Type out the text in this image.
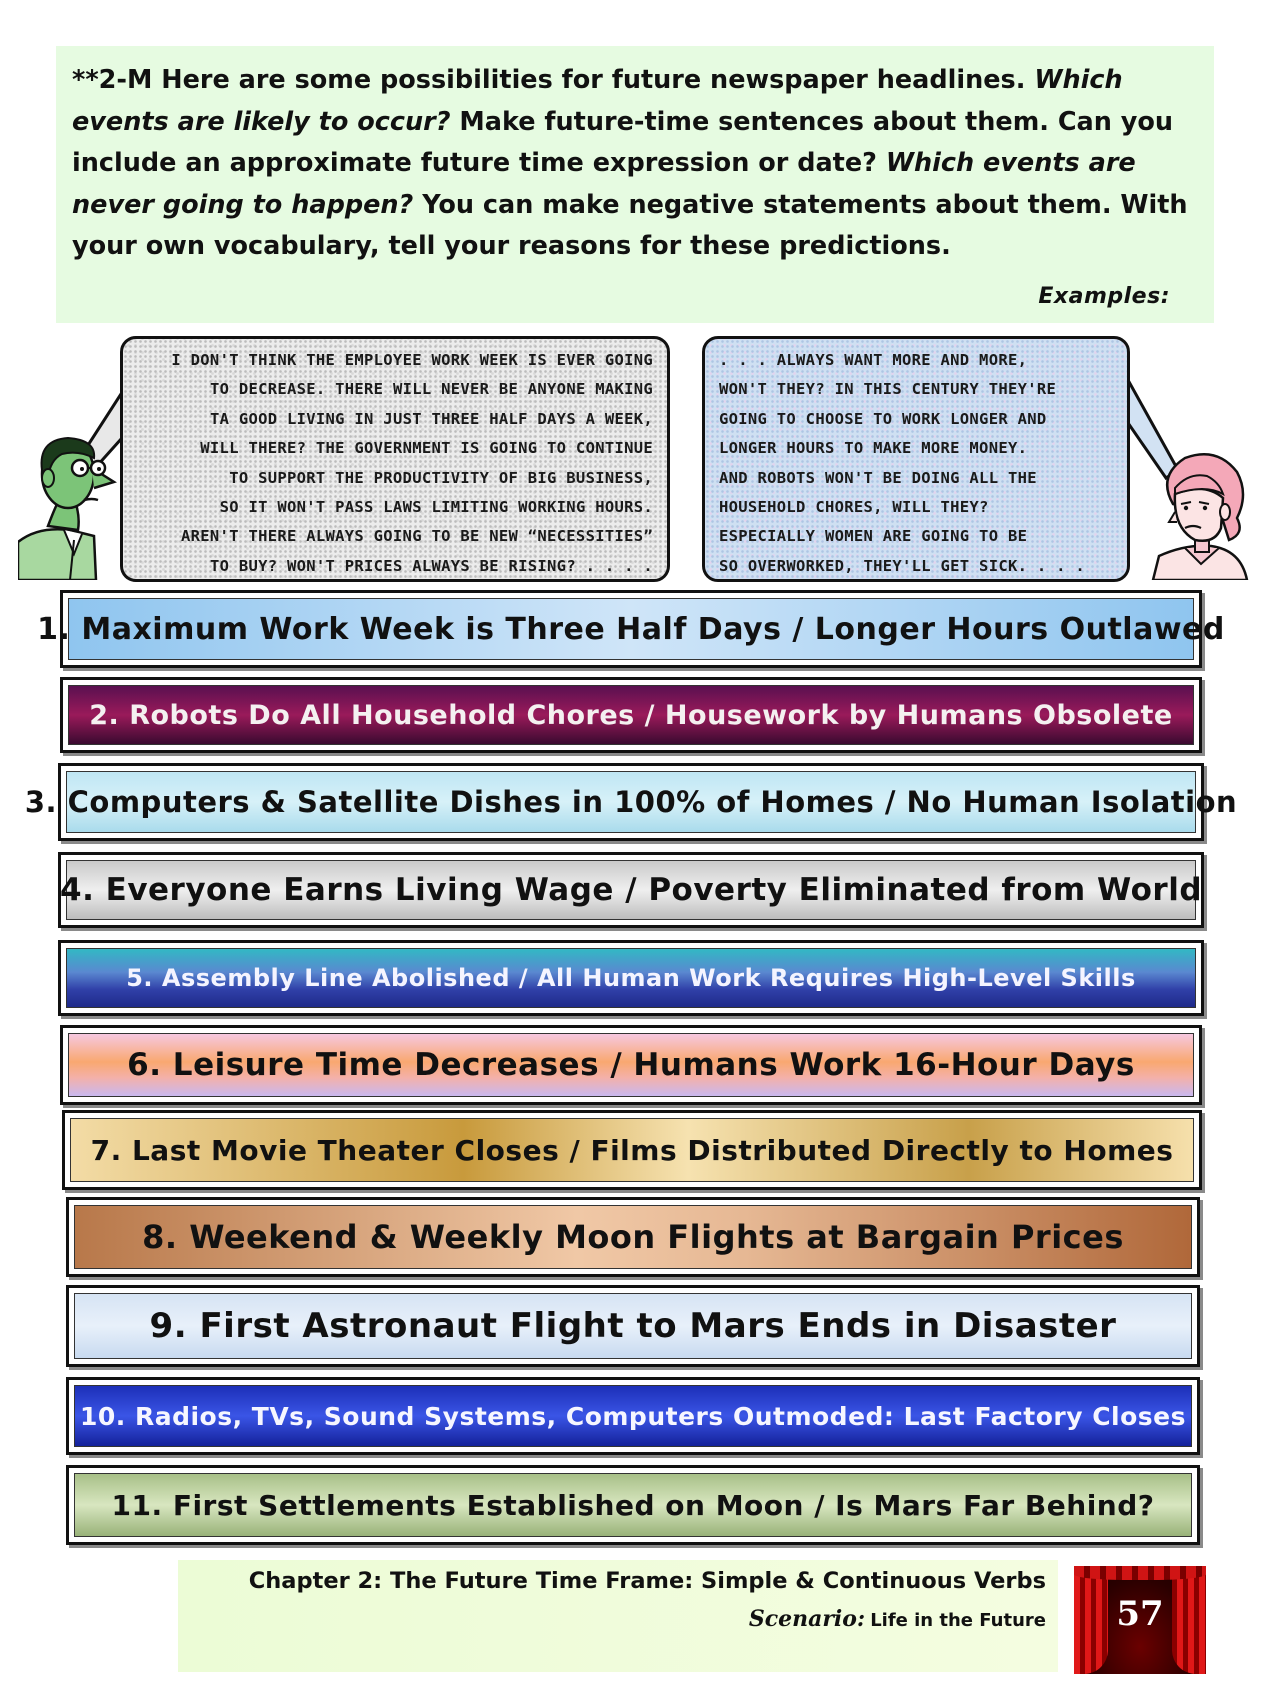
**2-M Here are some possibilities for future newspaper headlines. Which events are likely to occur? Make future-time sentences about them. Can you include an approximate future time expression or date? Which events are never going to happen? You can make negative statements about them. With your own vocabulary, tell your reasons for these predictions.

Examples:
I DON'T THINK THE EMPLOYEE WORK WEEK IS EVER GOING
TO DECREASE. THERE WILL NEVER BE ANYONE MAKING
TA GOOD LIVING IN JUST THREE HALF DAYS A WEEK,
WILL THERE? THE GOVERNMENT IS GOING TO CONTINUE
TO SUPPORT THE PRODUCTIVITY OF BIG BUSINESS,
SO IT WON'T PASS LAWS LIMITING WORKING HOURS.
AREN'T THERE ALWAYS GOING TO BE NEW “NECESSITIES”
TO BUY? WON'T PRICES ALWAYS BE RISING? . . . .
. . . ALWAYS WANT MORE AND MORE,
WON'T THEY? IN THIS CENTURY THEY'RE
GOING TO CHOOSE TO WORK LONGER AND
LONGER HOURS TO MAKE MORE MONEY.
AND ROBOTS WON'T BE DOING ALL THE
HOUSEHOLD CHORES, WILL THEY?
ESPECIALLY WOMEN ARE GOING TO BE
SO OVERWORKED, THEY'LL GET SICK. . . .
1. Maximum Work Week is Three Half Days / Longer Hours Outlawed
2. Robots Do All Household Chores / Housework by Humans Obsolete
3. Computers & Satellite Dishes in 100% of Homes / No Human Isolation
4. Everyone Earns Living Wage / Poverty Eliminated from World
5. Assembly Line Abolished / All Human Work Requires High-Level Skills
6. Leisure Time Decreases / Humans Work 16-Hour Days
7. Last Movie Theater Closes / Films Distributed Directly to Homes
8. Weekend & Weekly Moon Flights at Bargain Prices
9. First Astronaut Flight to Mars Ends in Disaster
10. Radios, TVs, Sound Systems, Computers Outmoded: Last Factory Closes
11. First Settlements Established on Moon / Is Mars Far Behind?
Chapter 2: The Future Time Frame: Simple & Continuous Verbs
Scenario: Life in the Future	57
